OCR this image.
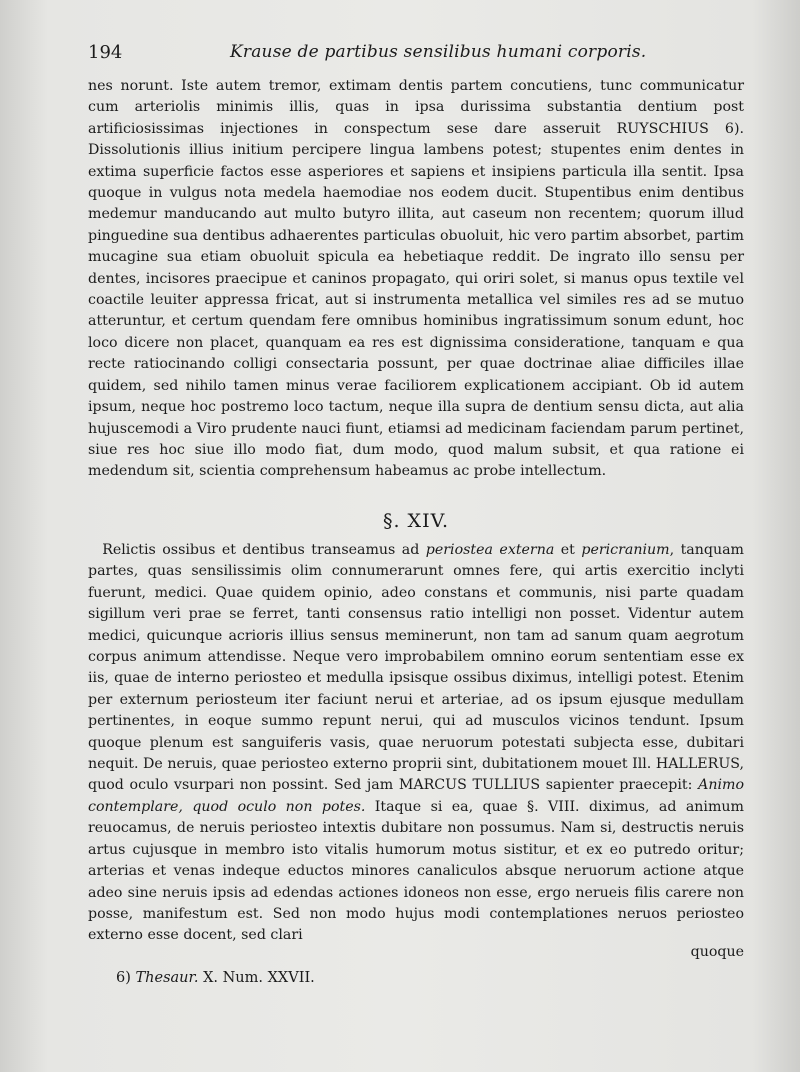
194	Krause de partibus sensilibus humani corporis.

nes norunt. Iste autem tremor, extimam dentis partem concutiens, tunc communicatur cum arteriolis minimis illis, quas in ipsa durissima substantia dentium post artificiosissimas injectiones in conspectum sese dare asseruit RUYSCHIUS 6). Dissolutionis illius initium percipere lingua lambens potest; stupentes enim dentes in extima superficie factos esse asperiores et sapiens et insipiens particula illa sentit. Ipsa quoque in vulgus nota medela haemodiae nos eodem ducit. Stupentibus enim dentibus medemur manducando aut multo butyro illita, aut caseum non recentem; quorum illud pinguedine sua dentibus adhaerentes particulas obuoluit, hic vero partim absorbet, partim mucagine sua etiam obuoluit spicula ea hebetiaque reddit. De ingrato illo sensu per dentes, incisores praecipue et caninos propagato, qui oriri solet, si manus opus textile vel coactile leuiter appressa fricat, aut si instrumenta metallica vel similes res ad se mutuo atteruntur, et certum quendam fere omnibus hominibus ingratissimum sonum edunt, hoc loco dicere non placet, quanquam ea res est dignissima consideratione, tanquam e qua recte ratiocinando colligi consectaria possunt, per quae doctrinae aliae difficiles illae quidem, sed nihilo tamen minus verae faciliorem explicationem accipiant. Ob id autem ipsum, neque hoc postremo loco tactum, neque illa supra de dentium sensu dicta, aut alia hujuscemodi a Viro prudente nauci fiunt, etiamsi ad medicinam faciendam parum pertinet, siue res hoc siue illo modo fiat, dum modo, quod malum subsit, et qua ratione ei medendum sit, scientia comprehensum habeamus ac probe intellectum.

§. XIV.

 Relictis ossibus et dentibus transeamus ad periostea externa et pericranium, tanquam partes, quas sensilissimis olim connumerarunt omnes fere, qui artis exercitio inclyti fuerunt, medici. Quae quidem opinio, adeo constans et communis, nisi parte quadam sigillum veri prae se ferret, tanti consensus ratio intelligi non posset. Videntur autem medici, quicunque acrioris illius sensus meminerunt, non tam ad sanum quam aegrotum corpus animum attendisse. Neque vero improbabilem omnino eorum sententiam esse ex iis, quae de interno periosteo et medulla ipsisque ossibus diximus, intelligi potest. Etenim per externum periosteum iter faciunt nerui et arteriae, ad os ipsum ejusque medullam pertinentes, in eoque summo repunt nerui, qui ad musculos vicinos tendunt. Ipsum quoque plenum est sanguiferis vasis, quae neruorum potestati subjecta esse, dubitari nequit. De neruis, quae periosteo externo proprii sint, dubitationem mouet Ill. HALLERUS, quod oculo vsurpari non possint. Sed jam MARCUS TULLIUS sapienter praecepit: Animo contemplare, quod oculo non potes. Itaque si ea, quae §. VIII. diximus, ad animum reuocamus, de neruis periosteo intextis dubitare non possumus. Nam si, destructis neruis artus cujusque in membro isto vitalis humorum motus sistitur, et ex eo putredo oritur; arterias et venas indeque eductos minores canaliculos absque neruorum actione atque adeo sine neruis ipsis ad edendas actiones idoneos non esse, ergo nerueis filis carere non posse, manifestum est. Sed non modo hujus modi contemplationes neruos periosteo externo esse docent, sed clari

quoque
6) Thesaur. X. Num. XXVII.
